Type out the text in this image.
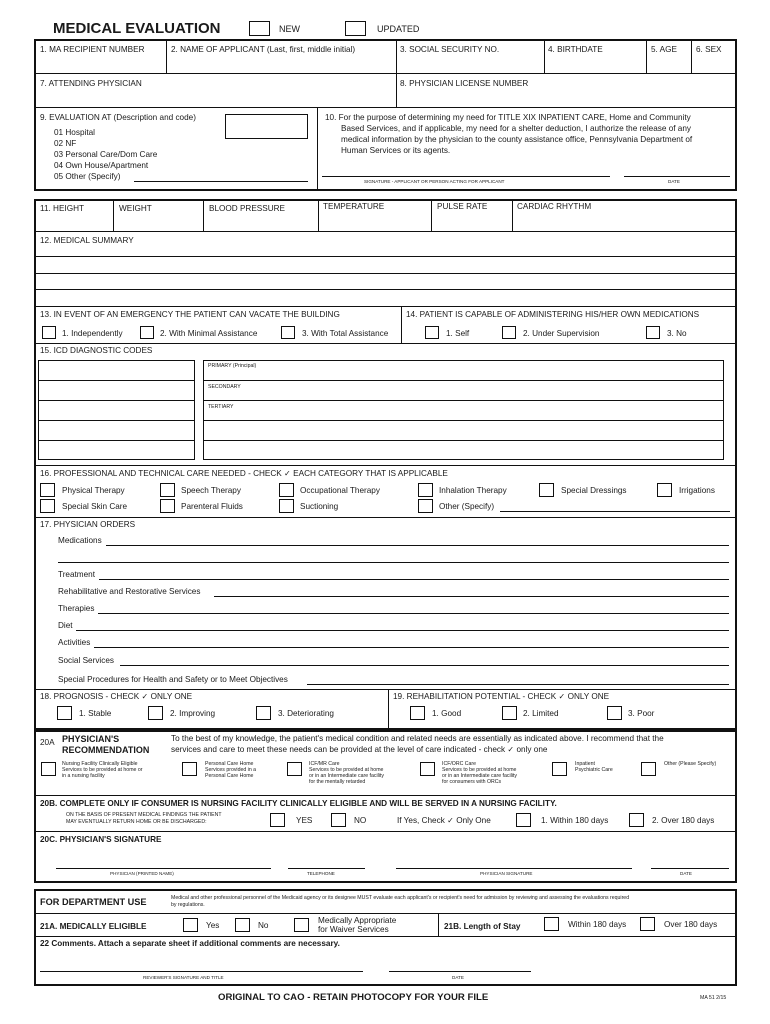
MEDICAL EVALUATION	NEW	UPDATED
1. MA RECIPIENT NUMBER	2. NAME OF APPLICANT (Last, first, middle initial)	3. SOCIAL SECURITY NO.	4. BIRTHDATE	5. AGE 6. SEX
7. ATTENDING PHYSICIAN	8. PHYSICIAN LICENSE NUMBER
9. EVALUATION AT (Description and code)
01 Hospital
02 NF
03 Personal Care/Dom Care
04 Own House/Apartment
05 Other (Specify)
10. For the purpose of determining my need for TITLE XIX INPATIENT CARE, Home and Community
Based Services, and if applicable, my need for a shelter deduction, I authorize the release of any
medical information by the physician to the county assistance office, Pennsylvania Department of
Human Services or its agents.
SIGNATURE - APPLICANT OR PERSON ACTING FOR APPLICANT	DATE
11. HEIGHT	WEIGHT	BLOOD PRESSURE	TEMPERATURE	PULSE RATE	CARDIAC RHYTHM
12. MEDICAL SUMMARY
13. IN EVENT OF AN EMERGENCY THE PATIENT CAN VACATE THE BUILDING
1. Independently	2. With Minimal Assistance	3. With Total Assistance
14. PATIENT IS CAPABLE OF ADMINISTERING HIS/HER OWN MEDICATIONS
1. Self	2. Under Supervision	3. No
15. ICD DIAGNOSTIC CODES
PRIMARY (Principal)
SECONDARY
TERTIARY
16. PROFESSIONAL AND TECHNICAL CARE NEEDED - CHECK ✓ EACH CATEGORY THAT IS APPLICABLE
Physical Therapy	Speech Therapy	Occupational Therapy	Inhalation Therapy	Special Dressings	Irrigations
Special Skin Care	Parenteral Fluids	Suctioning	Other (Specify)
17. PHYSICIAN ORDERS
Medications
Treatment
Rehabilitative and Restorative Services
Therapies
Diet
Activities
Social Services
Special Procedures for Health and Safety or to Meet Objectives
18. PROGNOSIS - CHECK ✓ ONLY ONE
1. Stable	2. Improving	3. Deteriorating
19. REHABILITATION POTENTIAL - CHECK ✓ ONLY ONE
1. Good	2. Limited	3. Poor
20A PHYSICIAN'S
RECOMMENDATION
To the best of my knowledge, the patient's medical condition and related needs are essentially as indicated above. I recommend that the
services and care to meet these needs can be provided at the level of care indicated - check ✓ only one
Nursing Facility Clinically Eligible
Services to be provided at home or
in a nursing facility
Personal Care Home
Services provided in a
Personal Care Home
ICF/MR Care
Services to be provided at home
or in an Intermediate care facility
for the mentally retarded
ICF/ORC Care
Services to be provided at home
or in an Intermediate care facility
for consumers with ORCs
Inpatient
Psychiatric Care
Other (Please Specify)
20B. COMPLETE ONLY IF CONSUMER IS NURSING FACILITY CLINICALLY ELIGIBLE AND WILL BE SERVED IN A NURSING FACILITY.
ON THE BASIS OF PRESENT MEDICAL FINDINGS THE PATIENT
MAY EVENTUALLY RETURN HOME OR BE DISCHARGED:	YES	NO	If Yes, Check ✓ Only One	1. Within 180 days	2. Over 180 days
20C. PHYSICIAN'S SIGNATURE
PHYSICIAN (PRINTED NAME)	TELEPHONE	PHYSICIAN SIGNATURE	DATE
FOR DEPARTMENT USE	Medical and other professional personnel of the Medicaid agency or its designee MUST evaluate each applicant's or recipient's need for admission by reviewing and assessing the evaluations required
by regulations.
21A. MEDICALLY ELIGIBLE	Yes	No
Medically Appropriate
for Waiver Services	21B. Length of Stay	Within 180 days	Over 180 days
22 Comments. Attach a separate sheet if additional comments are necessary.
REVIEWER'S SIGNATURE AND TITLE	DATE
ORIGINAL TO CAO - RETAIN PHOTOCOPY FOR YOUR FILE	MA 51 2/15
